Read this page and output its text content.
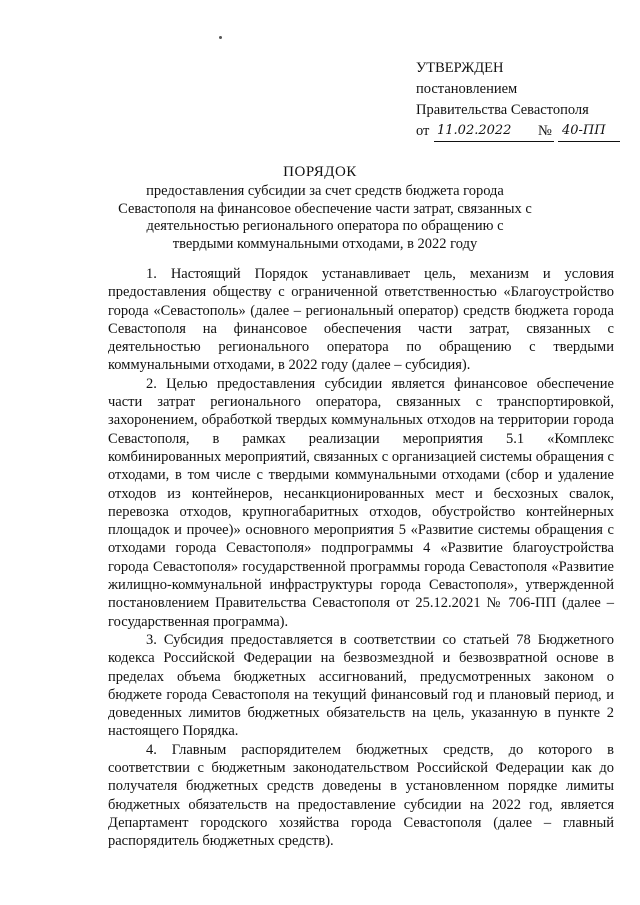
УТВЕРЖДЕН
постановлением
Правительства Севастополя
от 11.02.2022	№ 40-ПП
ПОРЯДОК
предоставления субсидии за счет средств бюджета города Севастополя на финансовое обеспечение части затрат, связанных с деятельностью регионального оператора по обращению с твердыми коммунальными отходами, в 2022 году

1. Настоящий Порядок устанавливает цель, механизм и условия предоставления обществу с ограниченной ответственностью «Благоустройство города «Севастополь» (далее – региональный оператор) средств бюджета города Севастополя на финансовое обеспечения части затрат, связанных с деятельностью регионального оператора по обращению с твердыми коммунальными отходами, в 2022 году (далее – субсидия).

2. Целью предоставления субсидии является финансовое обеспечение части затрат регионального оператора, связанных с транспортировкой, захоронением, обработкой твердых коммунальных отходов на территории города Севастополя, в рамках реализации мероприятия 5.1 «Комплекс комбинированных мероприятий, связанных с организацией системы обращения с отходами, в том числе с твердыми коммунальными отходами (сбор и удаление отходов из контейнеров, несанкционированных мест и бесхозных свалок, перевозка отходов, крупногабаритных отходов, обустройство контейнерных площадок и прочее)» основного мероприятия 5 «Развитие системы обращения с отходами города Севастополя» подпрограммы 4 «Развитие благоустройства города Севастополя» государственной программы города Севастополя «Развитие жилищно-коммунальной инфраструктуры города Севастополя», утвержденной постановлением Правительства Севастополя от 25.12.2021 № 706-ПП (далее – государственная программа).

3. Субсидия предоставляется в соответствии со статьей 78 Бюджетного кодекса Российской Федерации на безвозмездной и безвозвратной основе в пределах объема бюджетных ассигнований, предусмотренных законом о бюджете города Севастополя на текущий финансовый год и плановый период, и доведенных лимитов бюджетных обязательств на цель, указанную в пункте 2 настоящего Порядка.

4. Главным распорядителем бюджетных средств, до которого в соответствии с бюджетным законодательством Российской Федерации как до получателя бюджетных средств доведены в установленном порядке лимиты бюджетных обязательств на предоставление субсидии на 2022 год, является Департамент городского хозяйства города Севастополя (далее – главный распорядитель бюджетных средств).
